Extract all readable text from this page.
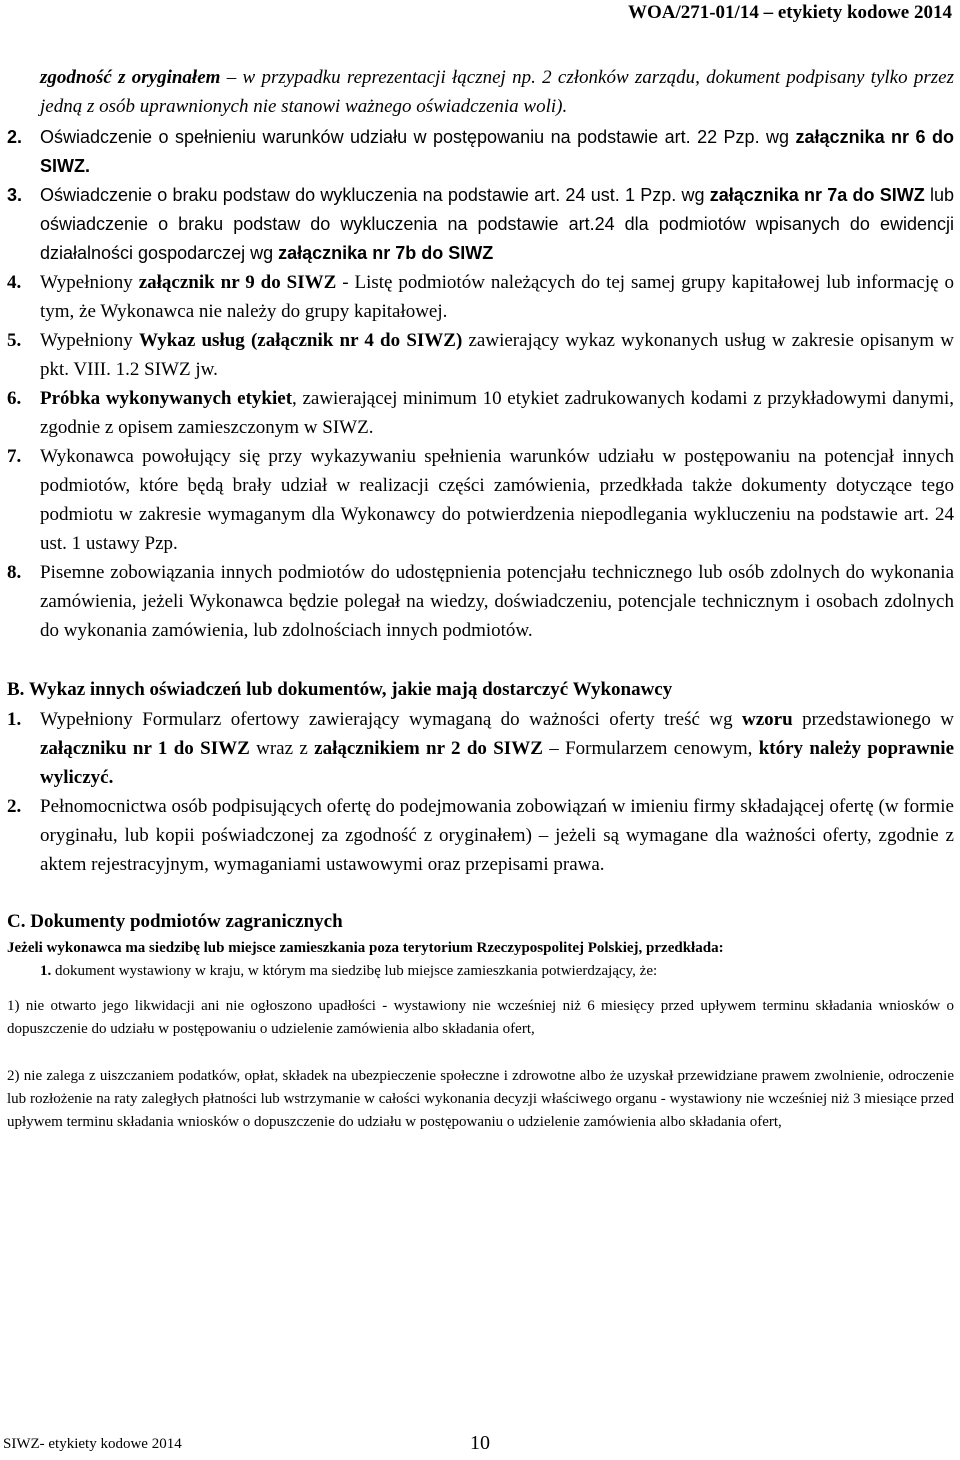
WOA/271-01/14 – etykiety kodowe 2014
zgodność z oryginałem – w przypadku reprezentacji łącznej np. 2 członków zarządu, dokument podpisany tylko przez jedną z osób uprawnionych nie stanowi ważnego oświadczenia woli).
2. Oświadczenie o spełnieniu warunków udziału w postępowaniu na podstawie art. 22 Pzp. wg załącznika nr 6 do SIWZ.
3. Oświadczenie o braku podstaw do wykluczenia na podstawie art. 24 ust. 1 Pzp. wg załącznika nr 7a do SIWZ lub oświadczenie o braku podstaw do wykluczenia na podstawie art.24 dla podmiotów wpisanych do ewidencji działalności gospodarczej wg załącznika nr 7b do SIWZ
4. Wypełniony załącznik nr 9 do SIWZ - Listę podmiotów należących do tej samej grupy kapitałowej lub informację o tym, że Wykonawca nie należy do grupy kapitałowej.
5. Wypełniony Wykaz usług (załącznik nr 4 do SIWZ) zawierający wykaz wykonanych usług w zakresie opisanym w pkt. VIII. 1.2 SIWZ jw.
6. Próbka wykonywanych etykiet, zawierającej minimum 10 etykiet zadrukowanych kodami z przykładowymi danymi, zgodnie z opisem zamieszczonym w SIWZ.
7. Wykonawca powołujący się przy wykazywaniu spełnienia warunków udziału w postępowaniu na potencjał innych podmiotów, które będą brały udział w realizacji części zamówienia, przedkłada także dokumenty dotyczące tego podmiotu w zakresie wymaganym dla Wykonawcy do potwierdzenia niepodlegania wykluczeniu na podstawie art. 24 ust. 1 ustawy Pzp.
8. Pisemne zobowiązania innych podmiotów do udostępnienia potencjału technicznego lub osób zdolnych do wykonania zamówienia, jeżeli Wykonawca będzie polegał na wiedzy, doświadczeniu, potencjale technicznym i osobach zdolnych do wykonania zamówienia, lub zdolnościach innych podmiotów.
B. Wykaz innych oświadczeń lub dokumentów, jakie mają dostarczyć Wykonawcy
1. Wypełniony Formularz ofertowy zawierający wymaganą do ważności oferty treść wg wzoru przedstawionego w załączniku nr 1 do SIWZ wraz z załącznikiem nr 2 do SIWZ – Formularzem cenowym, który należy poprawnie wyliczyć.
2. Pełnomocnictwa osób podpisujących ofertę do podejmowania zobowiązań w imieniu firmy składającej ofertę (w formie oryginału, lub kopii poświadczonej za zgodność z oryginałem) – jeżeli są wymagane dla ważności oferty, zgodnie z aktem rejestracyjnym, wymaganiami ustawowymi oraz przepisami prawa.
C. Dokumenty podmiotów zagranicznych
Jeżeli wykonawca ma siedzibę lub miejsce zamieszkania poza terytorium Rzeczypospolitej Polskiej, przedkłada:
1. dokument wystawiony w kraju, w którym ma siedzibę lub miejsce zamieszkania potwierdzający, że:
1) nie otwarto jego likwidacji ani nie ogłoszono upadłości - wystawiony nie wcześniej niż 6 miesięcy przed upływem terminu składania wniosków o dopuszczenie do udziału w postępowaniu o udzielenie zamówienia albo składania ofert,
2) nie zalega z uiszczaniem podatków, opłat, składek na ubezpieczenie społeczne i zdrowotne albo że uzyskał przewidziane prawem zwolnienie, odroczenie lub rozłożenie na raty zaległych płatności lub wstrzymanie w całości wykonania decyzji właściwego organu - wystawiony nie wcześniej niż 3 miesiące przed upływem terminu składania wniosków o dopuszczenie do udziału w postępowaniu o udzielenie zamówienia albo składania ofert,
SIWZ- etykiety kodowe 2014	10
